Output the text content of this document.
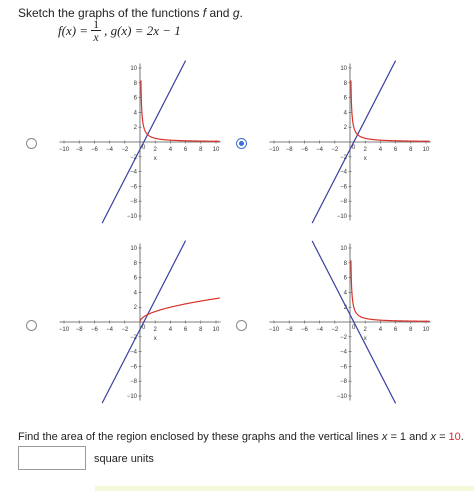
Sketch the graphs of the functions f and g.
$f(x) = \frac{1}{x}$ , g(x) = 2x − 1
−10 −8 −6 −4 −2	2 4 6 8 10
10
8
6
4
2
−2
−4
−6
−8
−10
0
x
−10 −8 −6 −4 −2	2 4 6 8 10
10
8
6
4
2
−2
−4
−6
−8
−10
0
x
−10 −8 −6 −4 −2	2 4 6 8 10
10
8
6
4
2
−2
−4
−6
−8
−10
0
x
−10 −8 −6 −4 −2	2 4 6 8 10
10
8
6
4
2
−2
−4
−6
−8
−10
0
x
Find the area of the region enclosed by these graphs and the vertical lines x = 1 and x = 10.
square units
